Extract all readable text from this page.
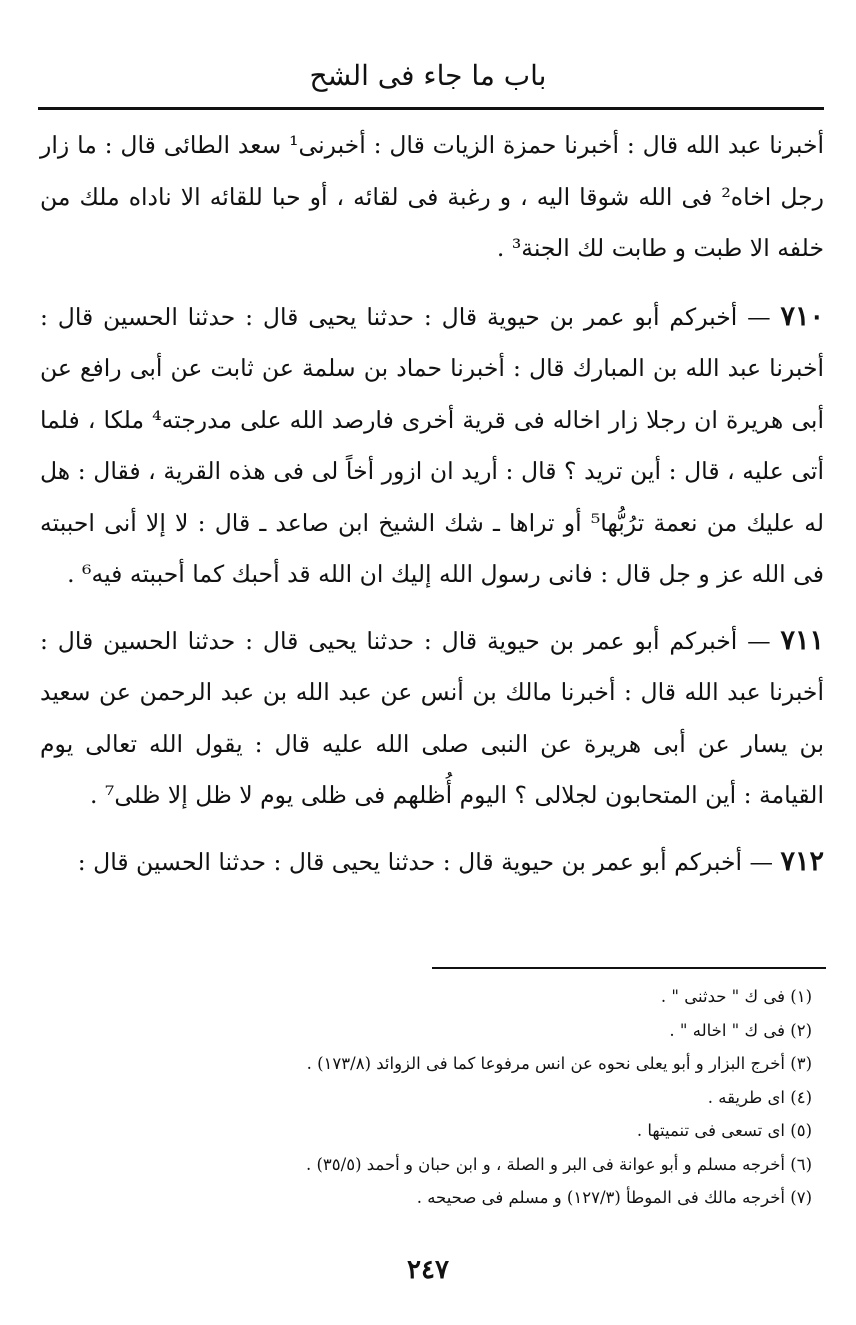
باب ما جاء فى الشح

أخبرنا عبد الله قال : أخبرنا حمزة الزيات قال : أخبرنى¹ سعد الطائى قال : ما زار رجل اخاه² فى الله شوقا اليه ، و رغبة فى لقائه ، أو حبا للقائه الا ناداه ملك من خلفه الا طبت و طابت لك الجنة³ .

٧١٠ — أخبركم أبو عمر بن حيوية قال : حدثنا يحيى قال : حدثنا الحسين قال : أخبرنا عبد الله بن المبارك قال : أخبرنا حماد بن سلمة عن ثابت عن أبى رافع عن أبى هريرة ان رجلا زار اخاله فى قرية أخرى فارصد الله على مدرجته⁴ ملكا ، فلما أتى عليه ، قال : أين تريد ؟ قال : أريد ان ازور أخاً لى فى هذه القرية ، فقال : هل له عليك من نعمة ترُبُّها⁵ أو تراها ـ شك الشيخ ابن صاعد ـ قال : لا إلا أنى احببته فى الله عز و جل قال : فانى رسول الله إليك ان الله قد أحبك كما أحببته فيه⁶ .

٧١١ — أخبركم أبو عمر بن حيوية قال : حدثنا يحيى قال : حدثنا الحسين قال : أخبرنا عبد الله قال : أخبرنا مالك بن أنس عن عبد الله بن عبد الرحمن عن سعيد بن يسار عن أبى هريرة عن النبى صلى الله عليه قال : يقول الله تعالى يوم القيامة : أين المتحابون لجلالى ؟ اليوم أُظلهم فى ظلى يوم لا ظل إلا ظلى⁷ .

٧١٢ — أخبركم أبو عمر بن حيوية قال : حدثنا يحيى قال : حدثنا الحسين قال :

(١) فى ك " حدثنى " .
(٢) فى ك " اخاله " .
(٣) أخرج البزار و أبو يعلى نحوه عن انس مرفوعا كما فى الزوائد (١٧٣/٨) .
(٤) اى طريقه .
(٥) اى تسعى فى تنميتها .
(٦) أخرجه مسلم و أبو عوانة فى البر و الصلة ، و ابن حبان و أحمد (٣٥/٥) .
(٧) أخرجه مالك فى الموطأ (١٢٧/٣) و مسلم فى صحيحه .
٢٤٧
